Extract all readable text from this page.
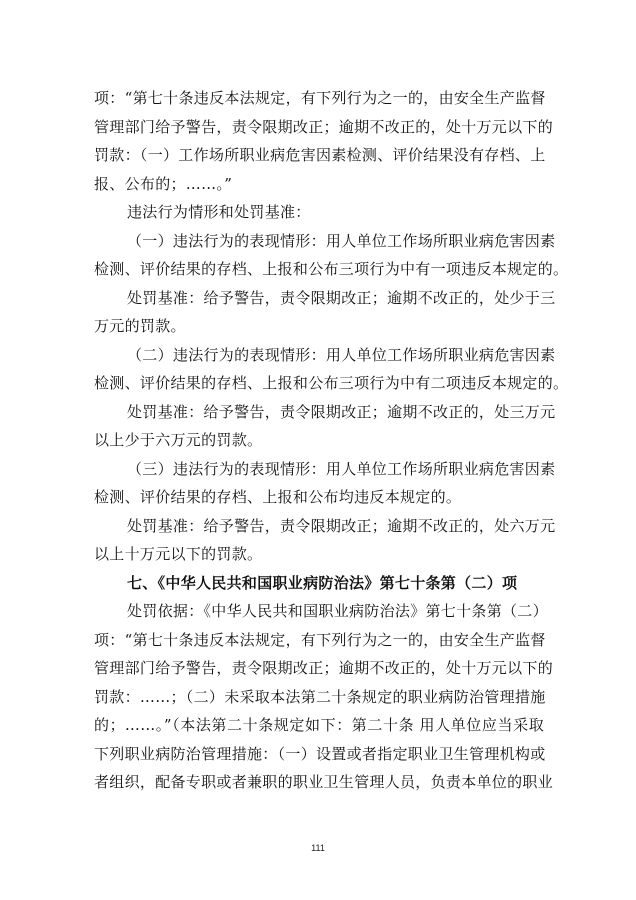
项：“第七十条违反本法规定，有下列行为之一的，由安全生产监督
管理部门给予警告，责令限期改正；逾期不改正的，处十万元以下的
罚款：（一）工作场所职业病危害因素检测、评价结果没有存档、上
报、公布的；……。”
违法行为情形和处罚基准：
（一）违法行为的表现情形：用人单位工作场所职业病危害因素
检测、评价结果的存档、上报和公布三项行为中有一项违反本规定的。
处罚基准：给予警告，责令限期改正；逾期不改正的，处少于三
万元的罚款。
（二）违法行为的表现情形：用人单位工作场所职业病危害因素
检测、评价结果的存档、上报和公布三项行为中有二项违反本规定的。
处罚基准：给予警告，责令限期改正；逾期不改正的，处三万元
以上少于六万元的罚款。
（三）违法行为的表现情形：用人单位工作场所职业病危害因素
检测、评价结果的存档、上报和公布均违反本规定的。
处罚基准：给予警告，责令限期改正；逾期不改正的，处六万元
以上十万元以下的罚款。
七、《中华人民共和国职业病防治法》第七十条第（二）项
处罚依据：《中华人民共和国职业病防治法》第七十条第（二）
项：“第七十条违反本法规定，有下列行为之一的，由安全生产监督
管理部门给予警告，责令限期改正；逾期不改正的，处十万元以下的
罚款：……；（二）未采取本法第二十条规定的职业病防治管理措施
的；……。”（本法第二十条规定如下：第二十条 用人单位应当采取
下列职业病防治管理措施：（一）设置或者指定职业卫生管理机构或
者组织，配备专职或者兼职的职业卫生管理人员，负责本单位的职业
111
